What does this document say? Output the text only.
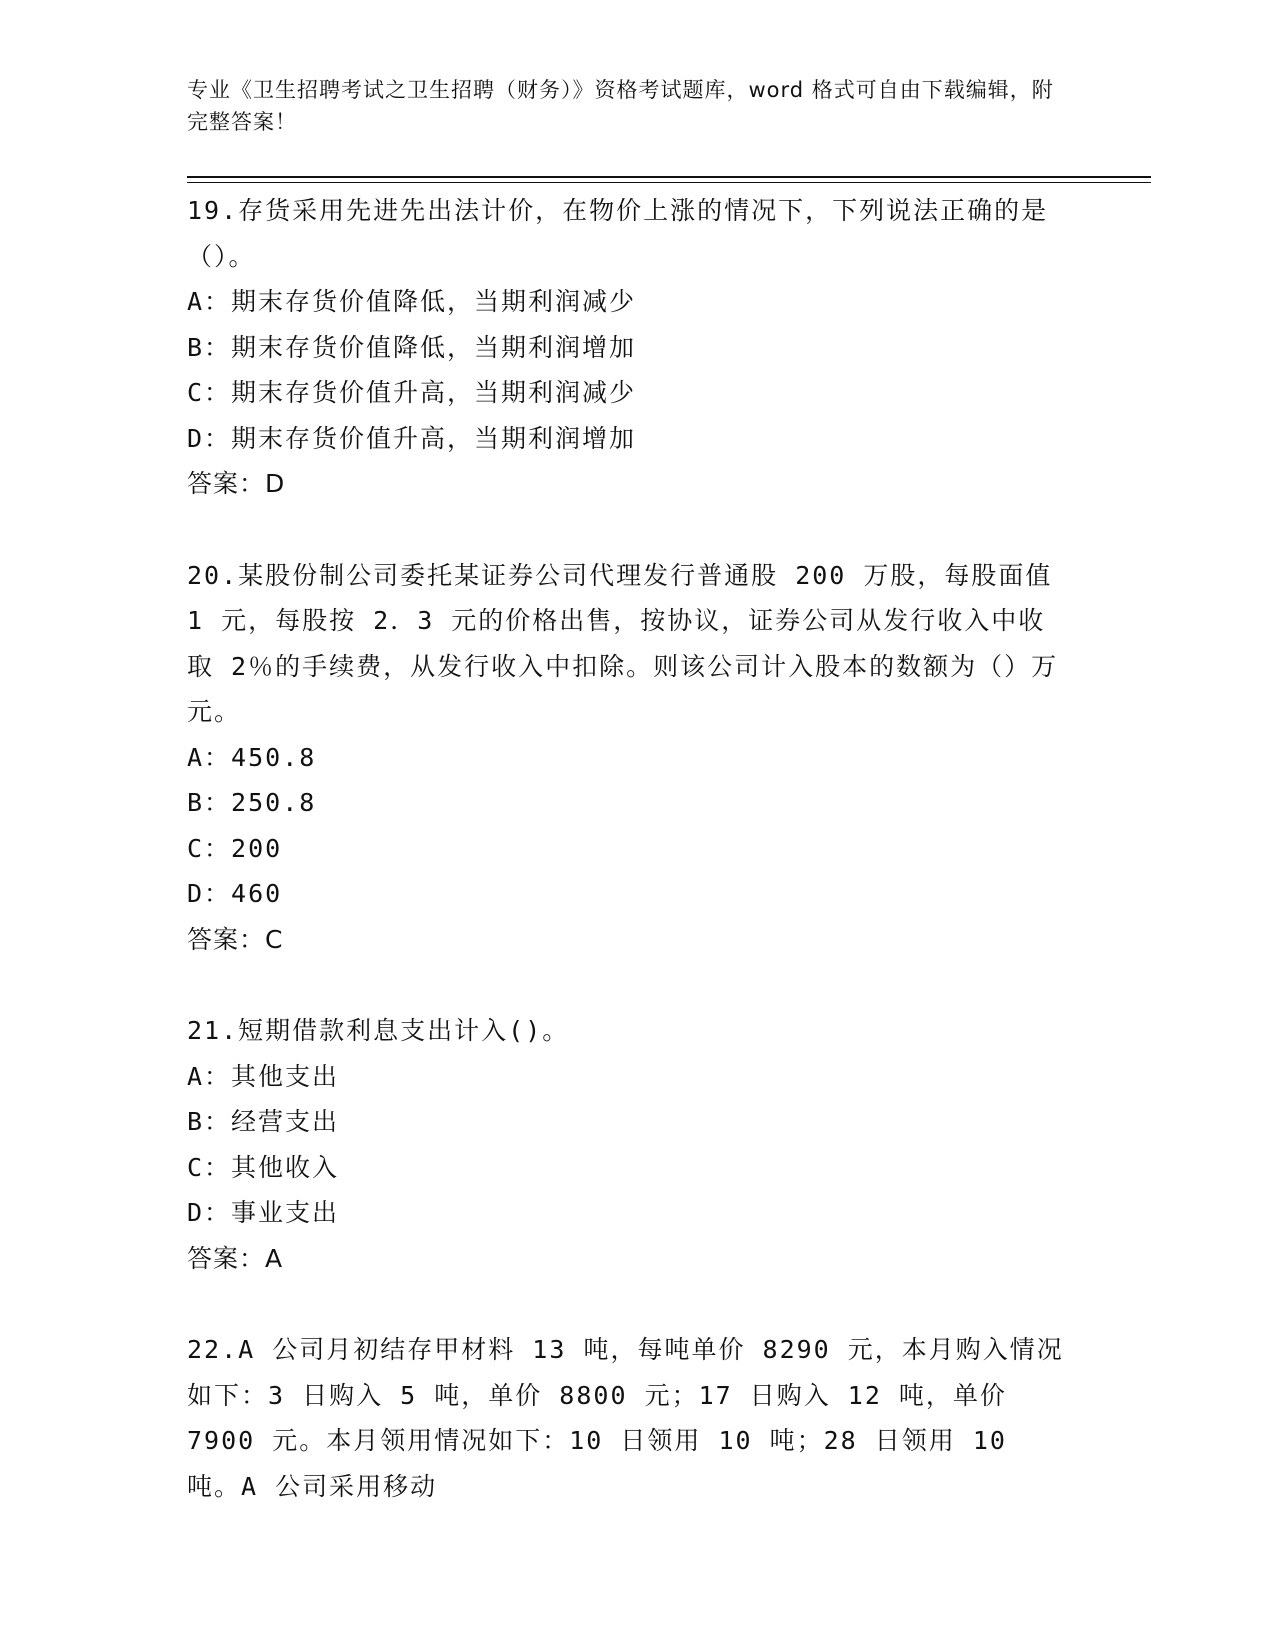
专业《卫生招聘考试之卫生招聘（财务）》资格考试题库，word 格式可自由下载编辑，附完整答案！
19.存货采用先进先出法计价，在物价上涨的情况下，下列说法正确的是（）。
A：期末存货价值降低，当期利润减少
B：期末存货价值降低，当期利润增加
C：期末存货价值升高，当期利润减少
D：期末存货价值升高，当期利润增加
答案：D
20.某股份制公司委托某证券公司代理发行普通股 200 万股，每股面值 1 元，每股按 2．3 元的价格出售，按协议，证券公司从发行收入中收取 2％的手续费，从发行收入中扣除。则该公司计入股本的数额为（）万元。
A：450.8
B：250.8
C：200
D：460
答案：C
21.短期借款利息支出计入()。
A：其他支出
B：经营支出
C：其他收入
D：事业支出
答案：A
22.A 公司月初结存甲材料 13 吨，每吨单价 8290 元，本月购入情况如下：3 日购入 5 吨，单价 8800 元；17 日购入 12 吨，单价 7900 元。本月领用情况如下：10 日领用 10 吨；28 日领用 10 吨。A 公司采用移动
